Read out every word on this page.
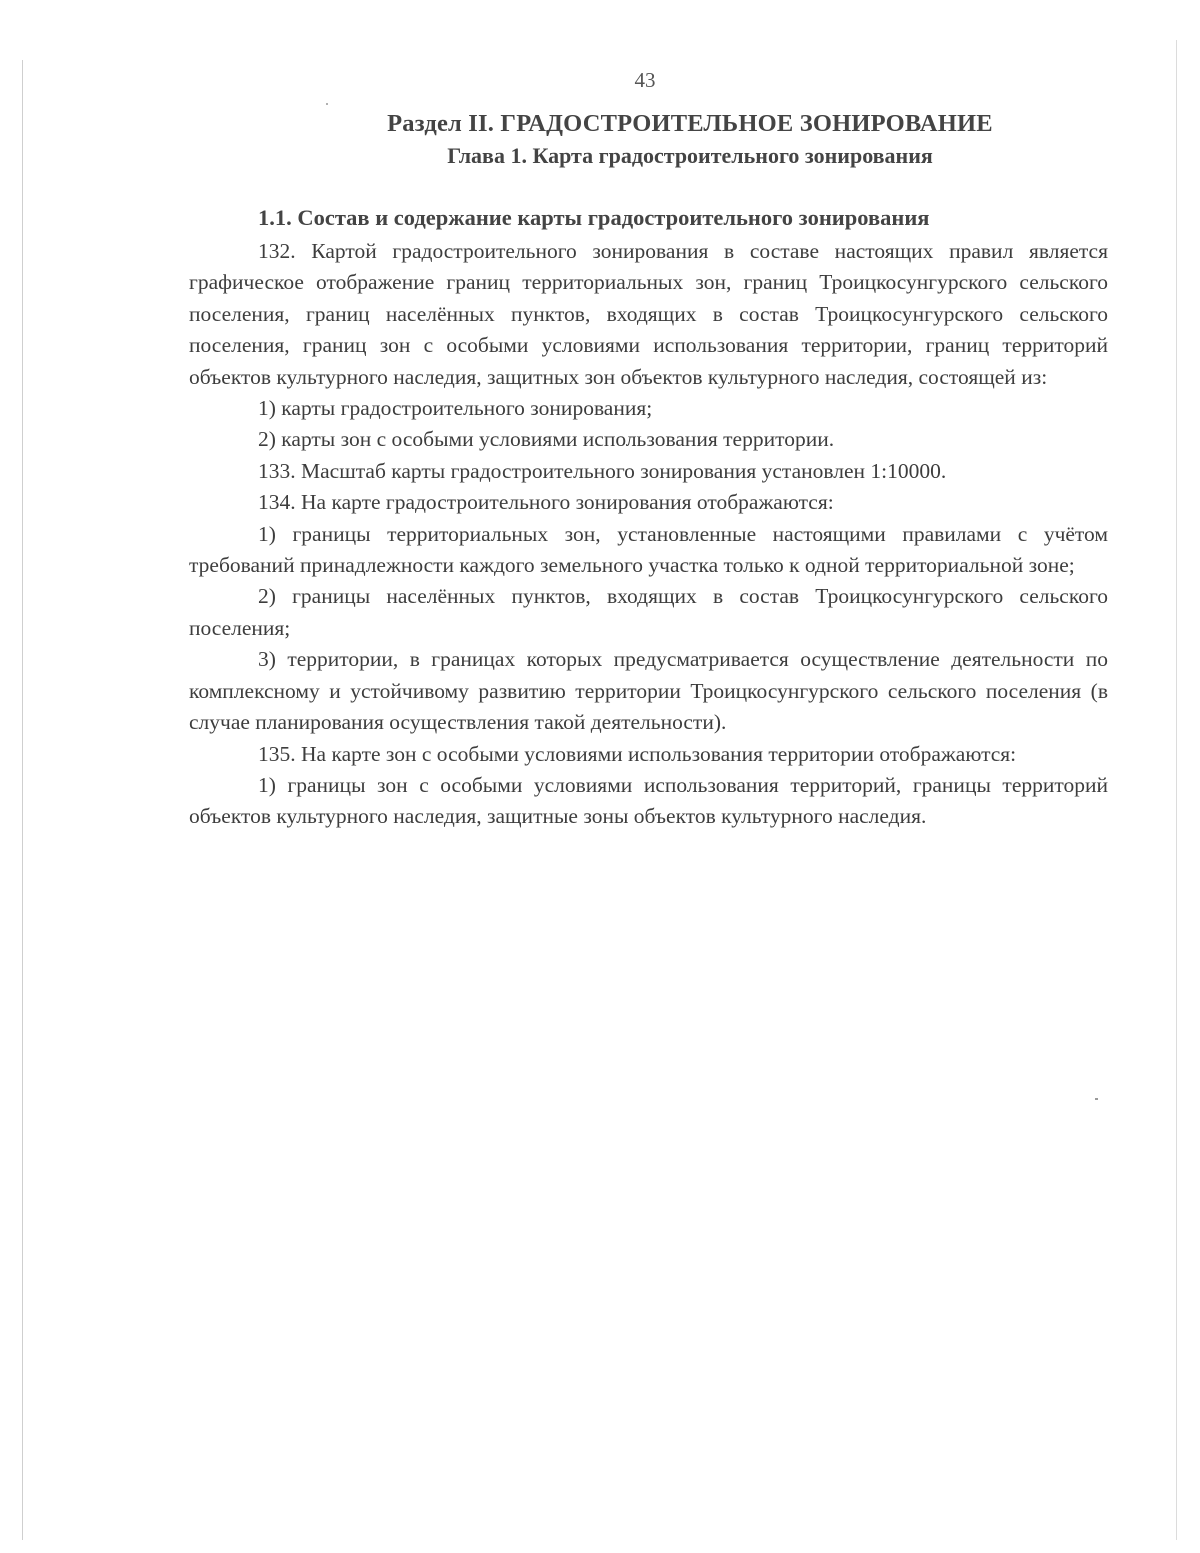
43
Раздел II. ГРАДОСТРОИТЕЛЬНОЕ ЗОНИРОВАНИЕ
Глава 1. Карта градостроительного зонирования
1.1. Состав и содержание карты градостроительного зонирования

132. Картой градостроительного зонирования в составе настоящих правил является графическое отображение границ территориальных зон, границ Троицкосунгурского сельского поселения, границ населённых пунктов, входящих в состав Троицкосунгурского сельского поселения, границ зон с особыми условиями использования территории, границ территорий объектов культурного наследия, защитных зон объектов культурного наследия, состоящей из:

1) карты градостроительного зонирования;

2) карты зон с особыми условиями использования территории.

133. Масштаб карты градостроительного зонирования установлен 1:10000.

134. На карте градостроительного зонирования отображаются:

1) границы территориальных зон, установленные настоящими правилами с учётом требований принадлежности каждого земельного участка только к одной территориальной зоне;

2) границы населённых пунктов, входящих в состав Троицкосунгурского сельского поселения;

3) территории, в границах которых предусматривается осуществление деятельности по комплексному и устойчивому развитию территории Троицкосунгурского сельского поселения (в случае планирования осуществления такой деятельности).

135. На карте зон с особыми условиями использования территории отображаются:

1) границы зон с особыми условиями использования территорий, границы территорий объектов культурного наследия, защитные зоны объектов культурного наследия.
